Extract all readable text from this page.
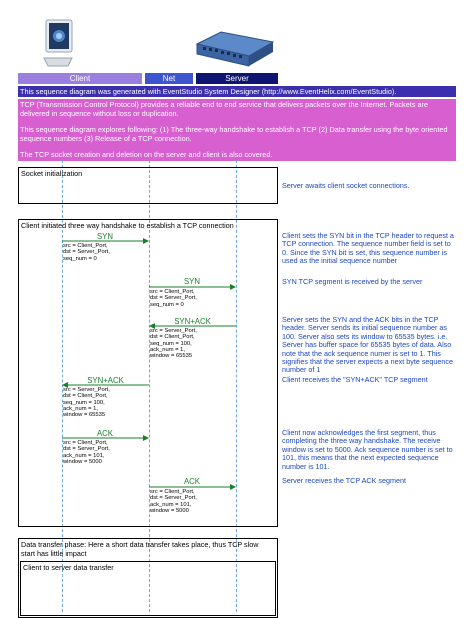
Client	Net	Server
This sequence diagram was generated with EventStudio System Designer (http://www.EventHelix.com/EventStudio).
TCP (Transmission Control Protocol) provides a reliable end to end service that delivers packets over the Internet. Packets are delivered in sequence without loss or duplication.
This sequence diagram explores following: (1) The three-way handshake to establish a TCP (2) Data transfer using the byte oriented sequence numbers (3) Release of a TCP connection.
The TCP socket creation and deletion on the server and client is also covered.
Socket initialization
Server awaits client socket connections.
Client initiated three way handshake to establish a TCP connection
SYN
src = Client_Port,
dst = Server_Port,
seq_num = 0
Client sets the SYN bit in the TCP header to request a TCP connection. The sequence number field is set to 0. Since the SYN bit is set, this sequence number is used as the initial sequence number
SYN
src = Client_Port,
dst = Server_Port,
seq_num = 0
SYN TCP segment is received by the server
SYN+ACK
src = Server_Port,
dst = Client_Port,
seq_num = 100,
ack_num = 1,
window = 65535
Server sets the SYN and the ACK bits in the TCP header. Server sends its initial sequence number as 100. Server also sets its window to 65535 bytes. i.e. Server has buffer space for 65535 bytes of data. Also note that the ack sequence numer is set to 1. This signifies that the server expects a next byte sequence number of 1
SYN+ACK
src = Server_Port,
dst = Client_Port,
seq_num = 100,
ack_num = 1,
window = 65535
Client receives the "SYN+ACK" TCP segment
ACK
src = Client_Port,
dst = Server_Port,
ack_num = 101,
window = 5000
Client now acknowledges the first segment, thus completing the three way handshake. The receive window is set to 5000. Ack sequence number is set to 101, this means that the next expected sequence number is 101.
ACK
src = Client_Port,
dst = Server_Port,
ack_num = 101,
window = 5000
Server receives the TCP ACK segment
Data transfer phase: Here a short data transfer takes place, thus TCP slow start has little impact
Client to server data transfer
